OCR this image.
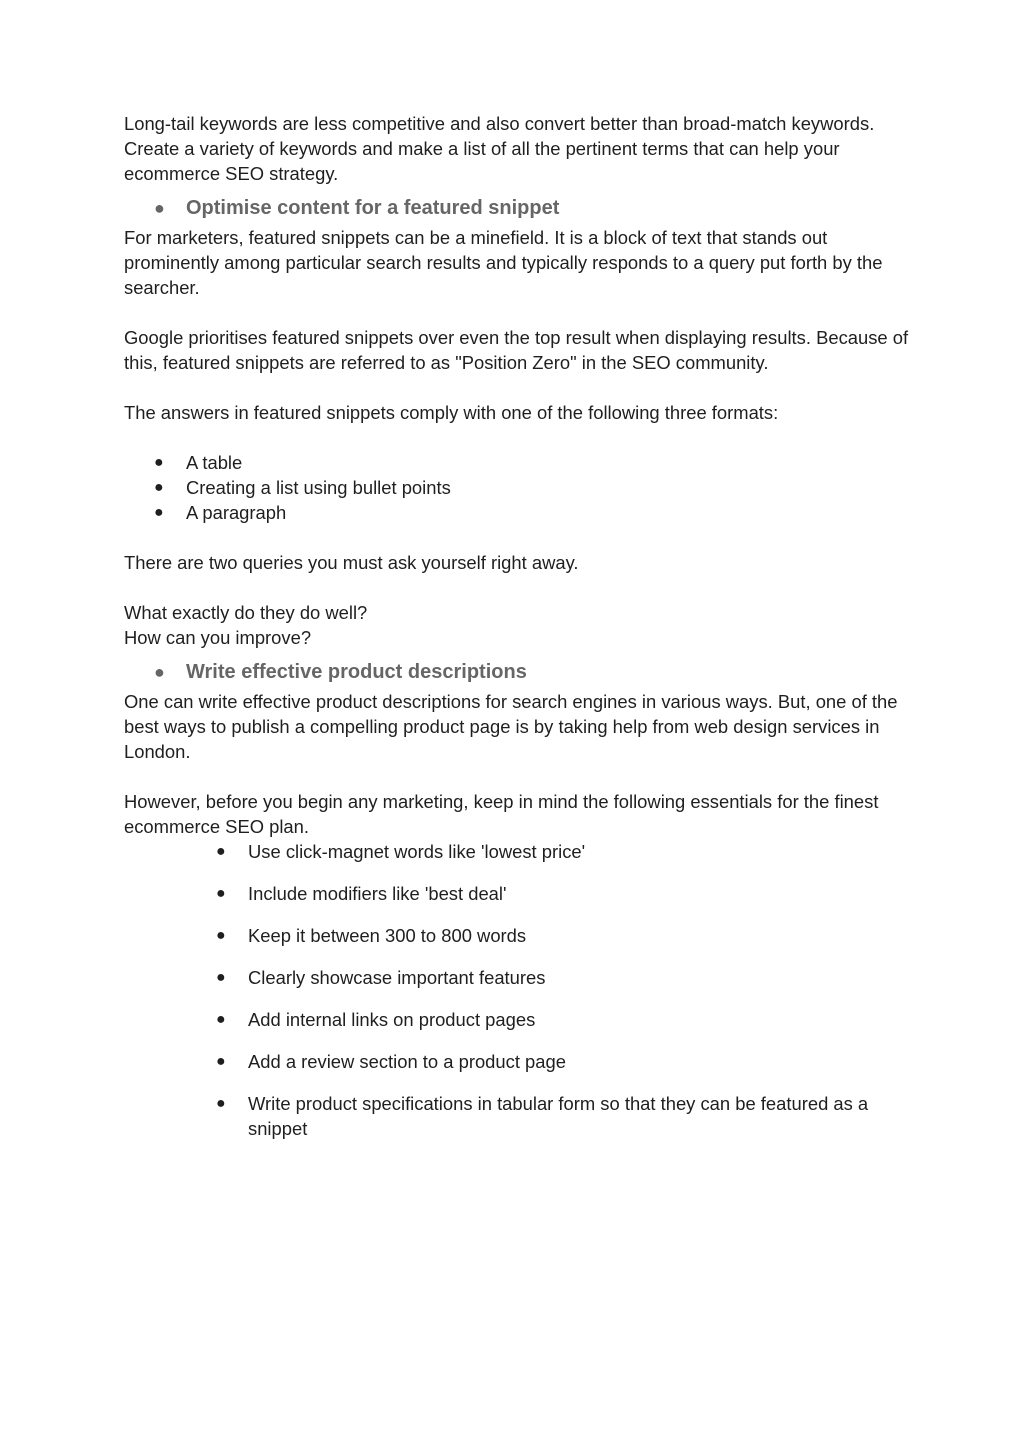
Long-tail keywords are less competitive and also convert better than broad-match keywords. Create a variety of keywords and make a list of all the pertinent terms that can help your ecommerce SEO strategy.

● Optimise content for a featured snippet

For marketers, featured snippets can be a minefield. It is a block of text that stands out prominently among particular search results and typically responds to a query put forth by the searcher.

Google prioritises featured snippets over even the top result when displaying results. Because of this, featured snippets are referred to as "Position Zero" in the SEO community.

The answers in featured snippets comply with one of the following three formats:

● A table
● Creating a list using bullet points
● A paragraph

There are two queries you must ask yourself right away.

What exactly do they do well?

How can you improve?

● Write effective product descriptions

One can write effective product descriptions for search engines in various ways. But, one of the best ways to publish a compelling product page is by taking help from web design services in London.

However, before you begin any marketing, keep in mind the following essentials for the finest ecommerce SEO plan.

● Use click-magnet words like 'lowest price'
● Include modifiers like 'best deal'
● Keep it between 300 to 800 words
● Clearly showcase important features
● Add internal links on product pages
● Add a review section to a product page
● Write product specifications in tabular form so that they can be featured as a snippet
